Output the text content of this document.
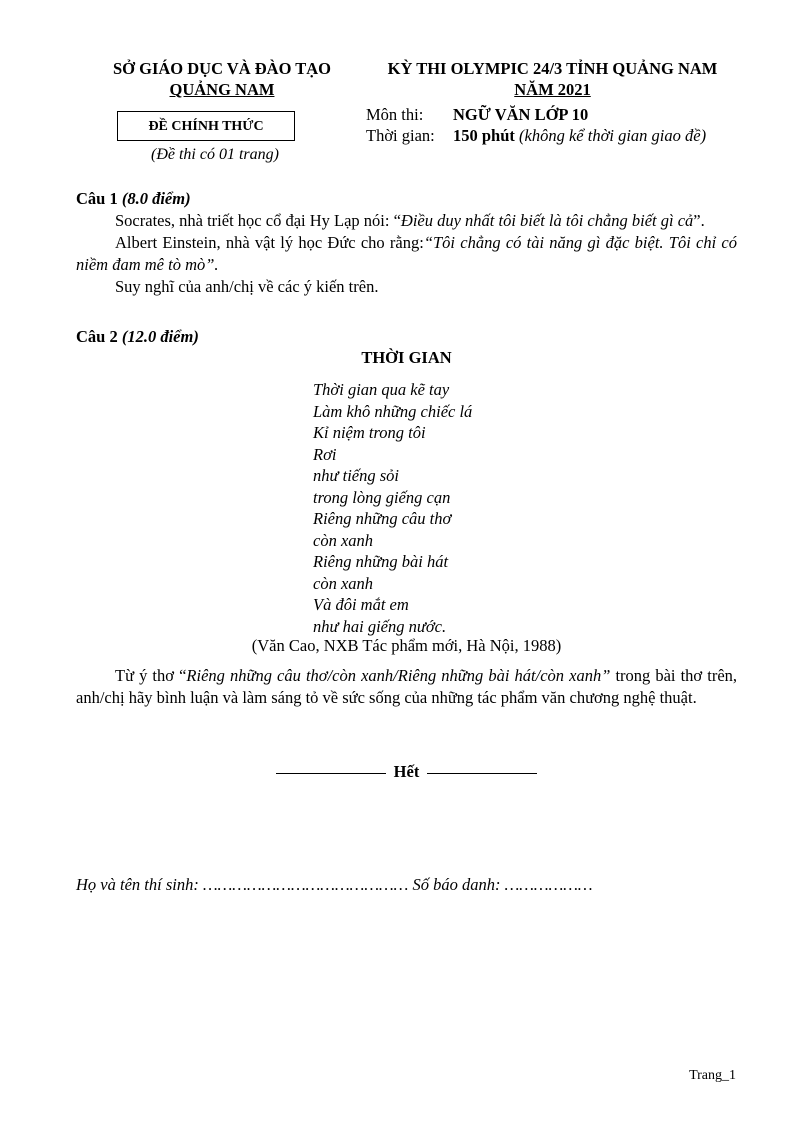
SỞ GIÁO DỤC VÀ ĐÀO TẠO
QUẢNG NAM
ĐỀ CHÍNH THỨC
(Đề thi có 01 trang)
KỲ THI OLYMPIC 24/3 TỈNH QUẢNG NAM
NĂM 2021
Môn thi: NGỮ VĂN LỚP 10
Thời gian: 150 phút (không kể thời gian giao đề)
Câu 1 (8.0 điểm)

Socrates, nhà triết học cổ đại Hy Lạp nói: “Điều duy nhất tôi biết là tôi chẳng biết gì cả”.

Albert Einstein, nhà vật lý học Đức cho rằng:“Tôi chẳng có tài năng gì đặc biệt. Tôi chỉ có niềm đam mê tò mò”.

Suy nghĩ của anh/chị về các ý kiến trên.

Câu 2 (12.0 điểm)
THỜI GIAN
Thời gian qua kẽ tay
Làm khô những chiếc lá
Kỉ niệm trong tôi
Rơi
như tiếng sỏi
trong lòng giếng cạn
Riêng những câu thơ
còn xanh
Riêng những bài hát
còn xanh
Và đôi mắt em
như hai giếng nước.
(Văn Cao, NXB Tác phẩm mới, Hà Nội, 1988)

Từ ý thơ “Riêng những câu thơ/còn xanh/Riêng những bài hát/còn xanh” trong bài thơ trên, anh/chị hãy bình luận và làm sáng tỏ về sức sống của những tác phẩm văn chương nghệ thuật.

Hết
Họ và tên thí sinh: …………………………………… Số báo danh: ………………
Trang_1
